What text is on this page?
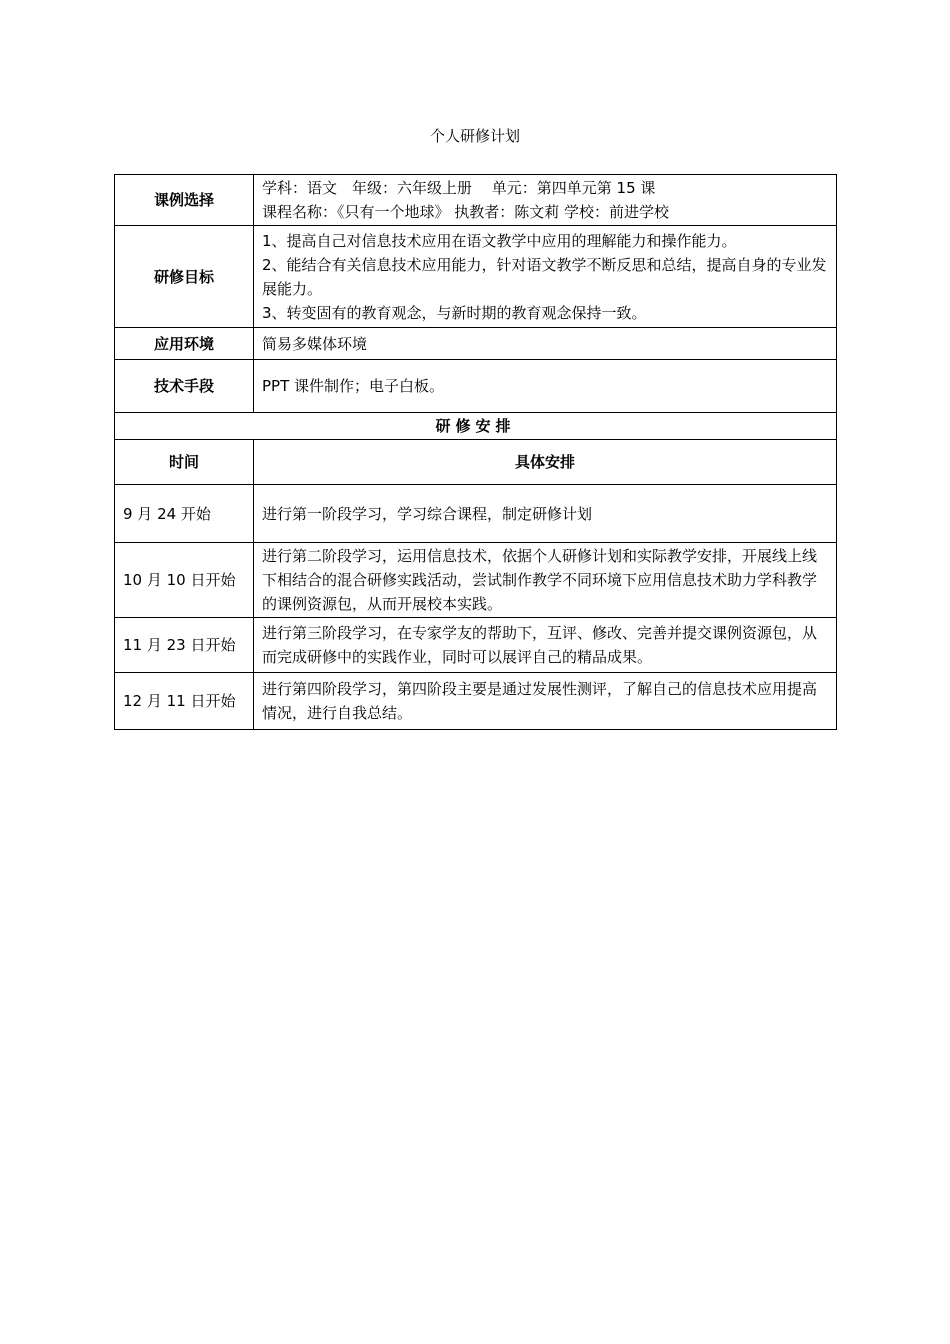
个人研修计划
课例选择	学科：语文　年级：六年级上册　 单元：第四单元第 15 课
课程名称：《只有一个地球》 执教者：陈文莉 学校：前进学校

研修目标	1、提高自己对信息技术应用在语文教学中应用的理解能力和操作能力。
2、能结合有关信息技术应用能力，针对语文教学不断反思和总结，提高自身的专业发展能力。
3、转变固有的教育观念，与新时期的教育观念保持一致。

应用环境	简易多媒体环境
技术手段	PPT 课件制作；电子白板。
研修安排	
时间	具体安排
9 月 24 开始	进行第一阶段学习，学习综合课程，制定研修计划
10 月 10 日开始	进行第二阶段学习，运用信息技术，依据个人研修计划和实际教学安排，开展线上线下相结合的混合研修实践活动，尝试制作教学不同环境下应用信息技术助力学科教学的课例资源包，从而开展校本实践。
11 月 23 日开始	进行第三阶段学习，在专家学友的帮助下，互评、修改、完善并提交课例资源包，从而完成研修中的实践作业，同时可以展评自己的精品成果。
12 月 11 日开始	进行第四阶段学习，第四阶段主要是通过发展性测评，了解自己的信息技术应用提高情况，进行自我总结。
